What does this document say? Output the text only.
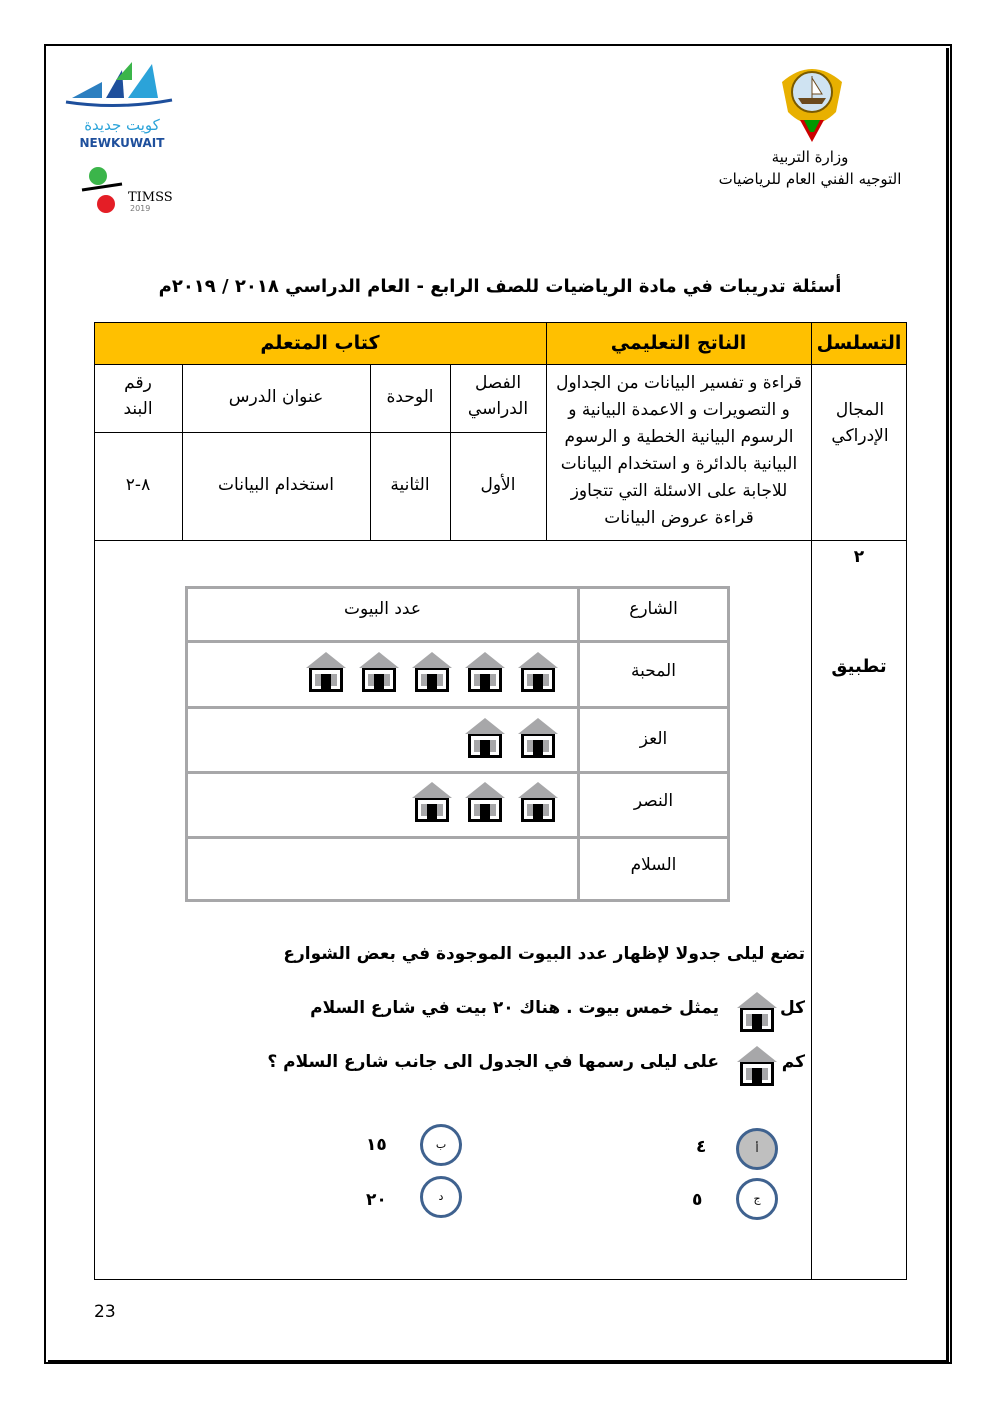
وزارة التربية
التوجيه الفني العام للرياضيات
كويت جديدة
NEWKUWAIT
TIMSS
2019
أسئلة تدريبات في مادة الرياضيات للصف الرابع - العام الدراسي ٢٠١٨ / ٢٠١٩م
التسلسل
الناتج التعليمي
كتاب المتعلم
الفصل الدراسي
الوحدة
عنوان الدرس
رقم البند
الأول
الثانية
استخدام البيانات
٨-٢
قراءة و تفسير البيانات من الجداول و التصويرات و الاعمدة البيانية و الرسوم البيانية الخطية و الرسوم البيانية بالدائرة و استخدام البيانات للاجابة على الاسئلة التي تتجاوز قراءة عروض البيانات
المجال الإدراكي
٢
تطبيق
الشارع
عدد البيوت
المحبة
العز
النصر
السلام
تضع ليلى جدولا لإظهار عدد البيوت الموجودة في بعض الشوارع
كل
يمثل خمس بيوت . هناك ٢٠ بيت في شارع السلام
كم
على ليلى رسمها في الجدول الى جانب شارع السلام ؟
أ
٤
ب
١٥
ج
٥
د
٢٠
23
